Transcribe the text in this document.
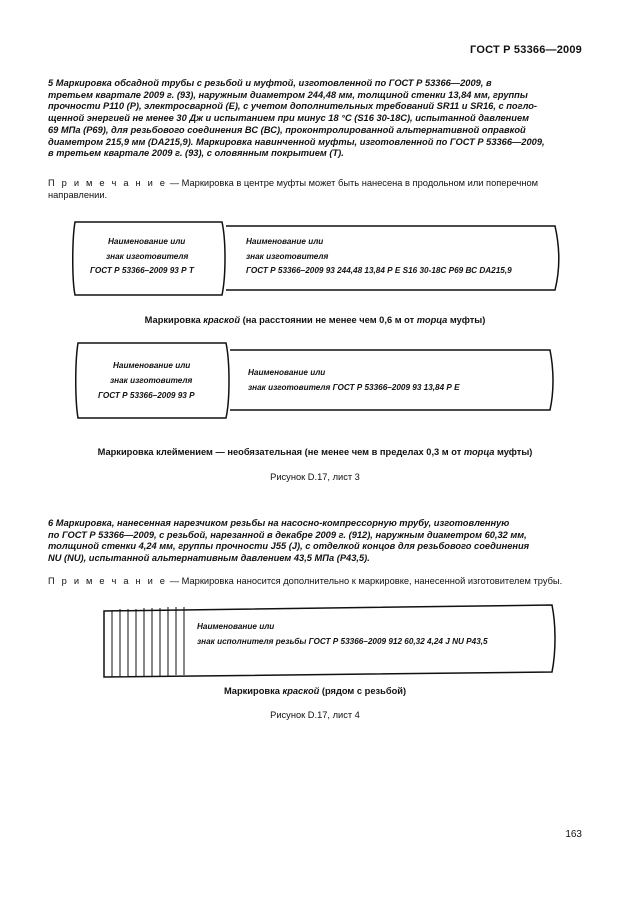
ГОСТ Р 53366—2009
5 Маркировка обсадной трубы с резьбой и муфтой, изготовленной по ГОСТ Р 53366—2009, в
третьем квартале 2009 г. (93), наружным диаметром 244,48 мм, толщиной стенки 13,84 мм, группы
прочности Р110 (Р), электросварной (Е), с учетом дополнительных требований SR11 и SR16, с погло-
щенной энергией не менее 30 Дж и испытанием при минус 18 °С (S16 30-18С), испытанной давлением
69 МПа (Р69), для резьбового соединения ВС (ВС), проконтролированной альтернативной оправкой
диаметром 215,9 мм (DA215,9). Маркировка навинченной муфты, изготовленной по ГОСТ Р 53366—2009,
в третьем квартале 2009 г. (93), с оловянным покрытием (Т).
П р и м е ч а н и е — Маркировка в центре муфты может быть нанесена в продольном или поперечном
направлении.
Наименование или
знак изготовителя
ГОСТ Р 53366–2009 93 Р Т
Наименование или
знак изготовителя
ГОСТ Р 53366–2009 93 244,48 13,84 Р Е S16 30-18С Р69 ВС DA215,9
Маркировка краской (на расстоянии не менее чем 0,6 м от торца муфты)
Наименование или
знак изготовителя
ГОСТ Р 53366–2009 93 Р
Наименование или
знак изготовителя ГОСТ Р 53366–2009 93 13,84 Р Е
Маркировка клеймением — необязательная (не менее чем в пределах 0,3 м от торца муфты)
Рисунок D.17, лист 3
6 Маркировка, нанесенная нарезчиком резьбы на насосно-компрессорную трубу, изготовленную
по ГОСТ Р 53366—2009, с резьбой, нарезанной в декабре 2009 г. (912), наружным диаметром 60,32 мм,
толщиной стенки 4,24 мм, группы прочности J55 (J), с отделкой концов для резьбового соединения
NU (NU), испытанной альтернативным давлением 43,5 МПа (Р43,5).
П р и м е ч а н и е — Маркировка наносится дополнительно к маркировке, нанесенной изготовителем трубы.
Наименование или
знак исполнителя резьбы ГОСТ Р 53366–2009 912 60,32 4,24 J NU Р43,5
Маркировка краской (рядом с резьбой)
Рисунок D.17, лист 4
163
